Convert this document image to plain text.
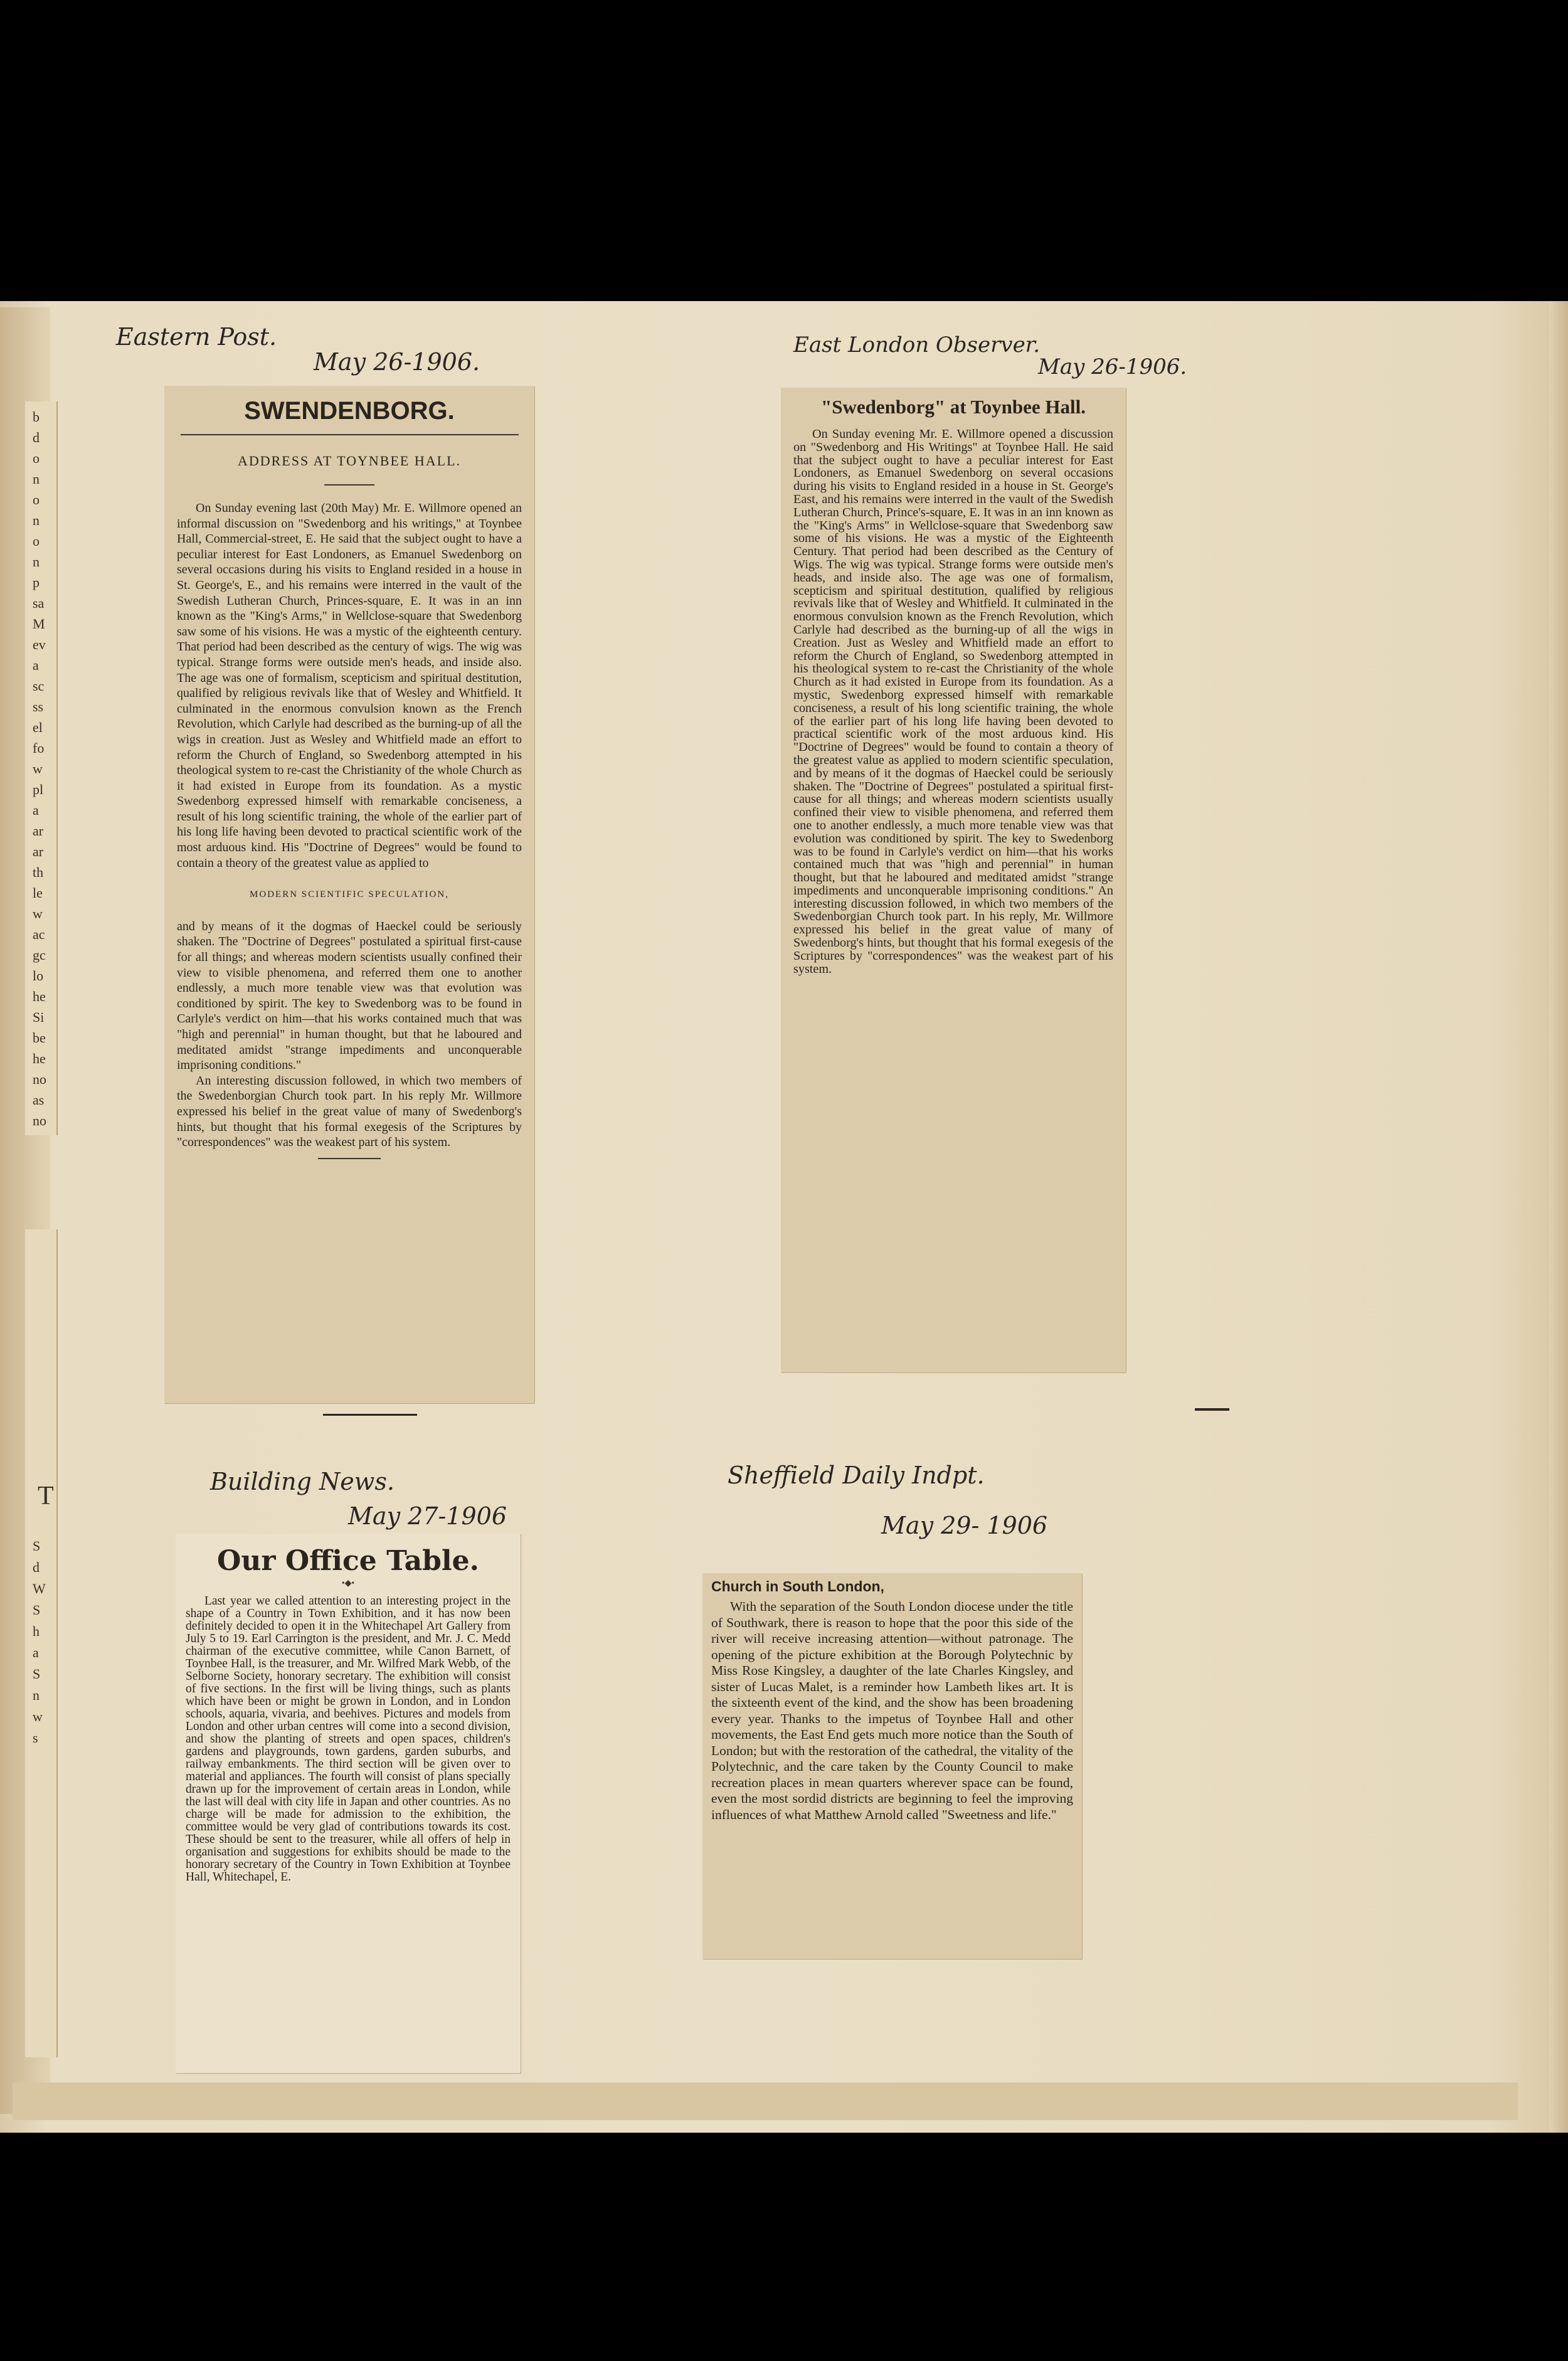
b
d
o
n
o
n
o
n
p
sa
M
ev
a
sc
ss
el
fo
w
pl
a
ar
ar
th
le
w
ac
gc
lo
he
Si
be
he
no
as
no
T
S
d
W
S
h
a
S
n
w
s
Eastern Post.
May 26-1906.
East London Observer.
May 26-1906.
Building News.
May 27-1906
Sheffield Daily Indpt.
May 29- 1906
SWENDENBORG.
ADDRESS AT TOYNBEE HALL.

On Sunday evening last (20th May) Mr. E. Willmore opened an informal discussion on "Swedenborg and his writings," at Toynbee Hall, Commercial-street, E. He said that the subject ought to have a peculiar interest for East Londoners, as Emanuel Swedenborg on several occasions during his visits to England resided in a house in St. George's, E., and his remains were interred in the vault of the Swedish Lutheran Church, Princes-square, E. It was in an inn known as the "King's Arms," in Wellclose-square that Swedenborg saw some of his visions. He was a mystic of the eighteenth century. That period had been described as the century of wigs. The wig was typical. Strange forms were outside men's heads, and inside also. The age was one of formalism, scepticism and spiritual destitution, qualified by religious revivals like that of Wesley and Whitfield. It culminated in the enormous convulsion known as the French Revolution, which Carlyle had described as the burning-up of all the wigs in creation. Just as Wesley and Whitfield made an effort to reform the Church of England, so Swedenborg attempted in his theological system to re-cast the Christianity of the whole Church as it had existed in Europe from its foundation. As a mystic Swedenborg expressed himself with remarkable conciseness, a result of his long scientific training, the whole of the earlier part of his long life having been devoted to practical scientific work of the most arduous kind. His "Doctrine of Degrees" would be found to contain a theory of the greatest value as applied to

MODERN SCIENTIFIC SPECULATION,

and by means of it the dogmas of Haeckel could be seriously shaken. The "Doctrine of Degrees" postulated a spiritual first-cause for all things; and whereas modern scientists usually confined their view to visible phenomena, and referred them one to another endlessly, a much more tenable view was that evolution was conditioned by spirit. The key to Swedenborg was to be found in Carlyle's verdict on him—that his works contained much that was "high and perennial" in human thought, but that he laboured and meditated amidst "strange impediments and unconquerable imprisoning conditions."

An interesting discussion followed, in which two members of the Swedenborgian Church took part. In his reply Mr. Willmore expressed his belief in the great value of many of Swedenborg's hints, but thought that his formal exegesis of the Scriptures by "correspondences" was the weakest part of his system.

"Swedenborg" at Toynbee Hall.

On Sunday evening Mr. E. Willmore opened a discussion on "Swedenborg and His Writings" at Toynbee Hall. He said that the subject ought to have a peculiar interest for East Londoners, as Emanuel Swedenborg on several occasions during his visits to England resided in a house in St. George's East, and his remains were interred in the vault of the Swedish Lutheran Church, Prince's-square, E. It was in an inn known as the "King's Arms" in Wellclose-square that Swedenborg saw some of his visions. He was a mystic of the Eighteenth Century. That period had been described as the Century of Wigs. The wig was typical. Strange forms were outside men's heads, and inside also. The age was one of formalism, scepticism and spiritual destitution, qualified by religious revivals like that of Wesley and Whitfield. It culminated in the enormous convulsion known as the French Revolution, which Carlyle had described as the burning-up of all the wigs in Creation. Just as Wesley and Whitfield made an effort to reform the Church of England, so Swedenborg attempted in his theological system to re-cast the Christianity of the whole Church as it had existed in Europe from its foundation. As a mystic, Swedenborg expressed himself with remarkable conciseness, a result of his long scientific training, the whole of the earlier part of his long life having been devoted to practical scientific work of the most arduous kind. His "Doctrine of Degrees" would be found to contain a theory of the greatest value as applied to modern scientific speculation, and by means of it the dogmas of Haeckel could be seriously shaken. The "Doctrine of Degrees" postulated a spiritual first-cause for all things; and whereas modern scientists usually confined their view to visible phenomena, and referred them one to another endlessly, a much more tenable view was that evolution was conditioned by spirit. The key to Swedenborg was to be found in Carlyle's verdict on him—that his works contained much that was "high and perennial" in human thought, but that he laboured and meditated amidst "strange impediments and unconquerable imprisoning conditions." An interesting discussion followed, in which two members of the Swedenborgian Church took part. In his reply, Mr. Willmore expressed his belief in the great value of many of Swedenborg's hints, but thought that his formal exegesis of the Scriptures by "correspondences" was the weakest part of his system.

Our Office Table.
•◆•

Last year we called attention to an interesting project in the shape of a Country in Town Exhibition, and it has now been definitely decided to open it in the Whitechapel Art Gallery from July 5 to 19. Earl Carrington is the president, and Mr. J. C. Medd chairman of the executive committee, while Canon Barnett, of Toynbee Hall, is the treasurer, and Mr. Wilfred Mark Webb, of the Selborne Society, honorary secretary. The exhibition will consist of five sections. In the first will be living things, such as plants which have been or might be grown in London, and in London schools, aquaria, vivaria, and beehives. Pictures and models from London and other urban centres will come into a second division, and show the planting of streets and open spaces, children's gardens and playgrounds, town gardens, garden suburbs, and railway embankments. The third section will be given over to material and appliances. The fourth will consist of plans specially drawn up for the improvement of certain areas in London, while the last will deal with city life in Japan and other countries. As no charge will be made for admission to the exhibition, the committee would be very glad of contributions towards its cost. These should be sent to the treasurer, while all offers of help in organisation and suggestions for exhibits should be made to the honorary secretary of the Country in Town Exhibition at Toynbee Hall, Whitechapel, E.

Church in South London,

With the separation of the South London diocese under the title of Southwark, there is reason to hope that the poor this side of the river will receive increasing attention—without patronage. The opening of the picture exhibition at the Borough Polytechnic by Miss Rose Kingsley, a daughter of the late Charles Kingsley, and sister of Lucas Malet, is a reminder how Lambeth likes art. It is the sixteenth event of the kind, and the show has been broadening every year. Thanks to the impetus of Toynbee Hall and other movements, the East End gets much more notice than the South of London; but with the restoration of the cathedral, the vitality of the Polytechnic, and the care taken by the County Council to make recreation places in mean quarters wherever space can be found, even the most sordid districts are beginning to feel the improving influences of what Matthew Arnold called "Sweetness and life."
